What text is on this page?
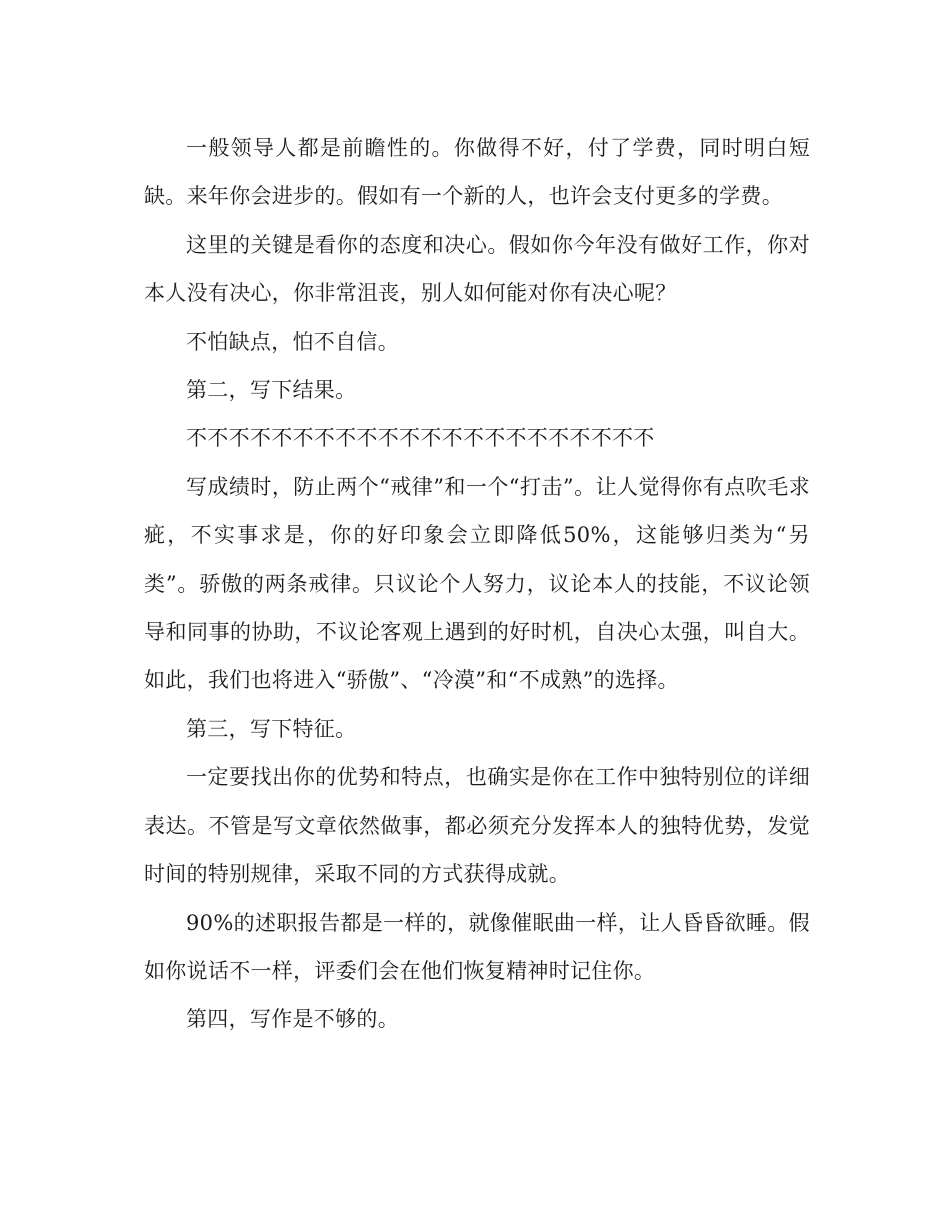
一般领导人都是前瞻性的。你做得不好，付了学费，同时明白短缺。来年你会进步的。假如有一个新的人，也许会支付更多的学费。

这里的关键是看你的态度和决心。假如你今年没有做好工作，你对本人没有决心，你非常沮丧，别人如何能对你有决心呢？

不怕缺点，怕不自信。

第二，写下结果。

不不不不不不不不不不不不不不不不不不不不不不

写成绩时，防止两个“戒律”和一个“打击”。让人觉得你有点吹毛求疵，不实事求是，你的好印象会立即降低50%，这能够归类为“另类”。骄傲的两条戒律。只议论个人努力，议论本人的技能，不议论领导和同事的协助，不议论客观上遇到的好时机，自决心太强，叫自大。如此，我们也将进入“骄傲”、“冷漠”和“不成熟”的选择。

第三，写下特征。

一定要找出你的优势和特点，也确实是你在工作中独特别位的详细表达。不管是写文章依然做事，都必须充分发挥本人的独特优势，发觉时间的特别规律，采取不同的方式获得成就。

90%的述职报告都是一样的，就像催眠曲一样，让人昏昏欲睡。假如你说话不一样，评委们会在他们恢复精神时记住你。

第四，写作是不够的。
